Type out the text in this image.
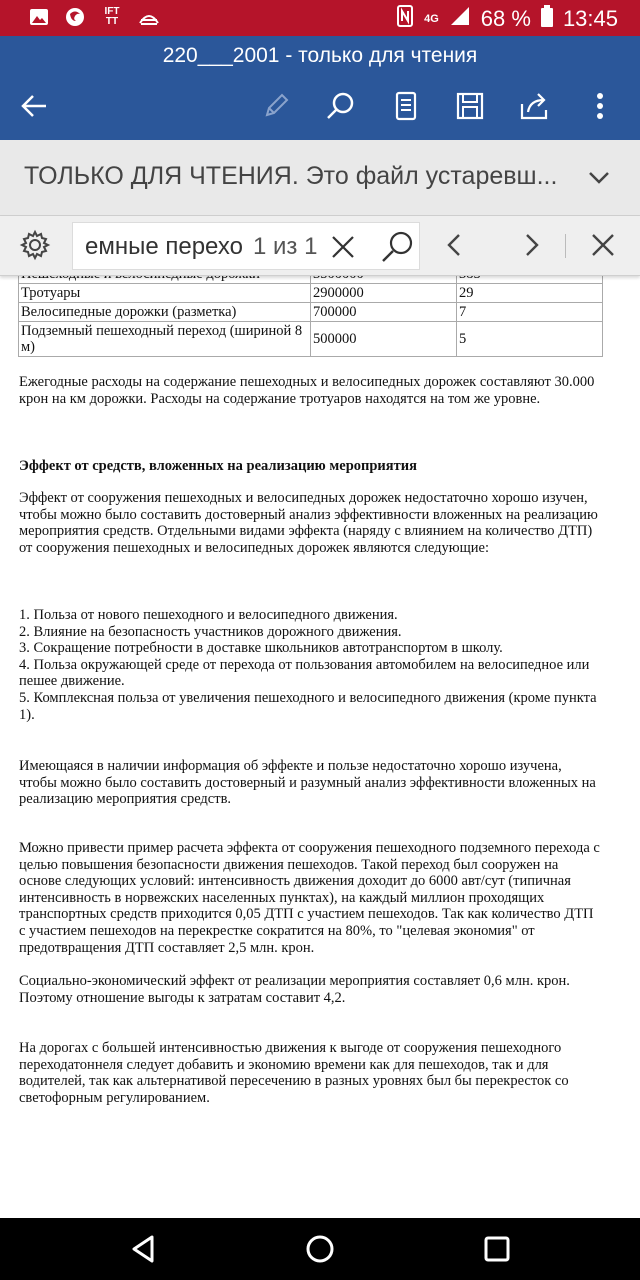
IFT TT	4G 68 % 13:45
220___2001 - только для чтения
ТОЛЬКО ДЛЯ ЧТЕНИЯ. Это файл устаревш...
емные перехо 1 из 1

Тротуары	2900000	29
Велосипедные дорожки (разметка)	700000	7
Подземный пешеходный переход (шириной 8 м)	500000	5
Ежегодные расходы на содержание пешеходных и велосипедных дорожек составляют 30.000 крон на км дорожки. Расходы на содержание тротуаров находятся на том же уровне.
Эффект от средств, вложенных на реализацию мероприятия
Эффект от сооружения пешеходных и велосипедных дорожек недостаточно хорошо изучен, чтобы можно было составить достоверный анализ эффективности вложенных на реализацию мероприятия средств. Отдельными видами эффекта (наряду с влиянием на количество ДТП) от сооружения пешеходных и велосипедных дорожек являются следующие:
1. Польза от нового пешеходного и велосипедного движения.
2. Влияние на безопасность участников дорожного движения.
3. Сокращение потребности в доставке школьников автотранспортом в школу.
4. Польза окружающей среде от перехода от пользования автомобилем на велосипедное или пешее движение.
5. Комплексная польза от увеличения пешеходного и велосипедного движения (кроме пункта 1).
Имеющаяся в наличии информация об эффекте и пользе недостаточно хорошо изучена, чтобы можно было составить достоверный и разумный анализ эффективности вложенных на реализацию мероприятия средств.
Можно привести пример расчета эффекта от сооружения пешеходного подземного перехода с целью повышения безопасности движения пешеходов. Такой переход был сооружен на основе следующих условий: интенсивность движения доходит до 6000 авт/сут (типичная интенсивность в норвежских населенных пунктах), на каждый миллион проходящих транспортных средств приходится 0,05 ДТП с участием пешеходов. Так как количество ДТП с участием пешеходов на перекрестке сократится на 80%, то "целевая экономия" от предотвращения ДТП составляет 2,5 млн. крон.
Социально-экономический эффект от реализации мероприятия составляет 0,6 млн. крон. Поэтому отношение выгоды к затратам составит 4,2.
На дорогах с большей интенсивностью движения к выгоде от сооружения пешеходного переходатоннеля следует добавить и экономию времени как для пешеходов, так и для водителей, так как альтернативой пересечению в разных уровнях был бы перекресток со светофорным регулированием.
